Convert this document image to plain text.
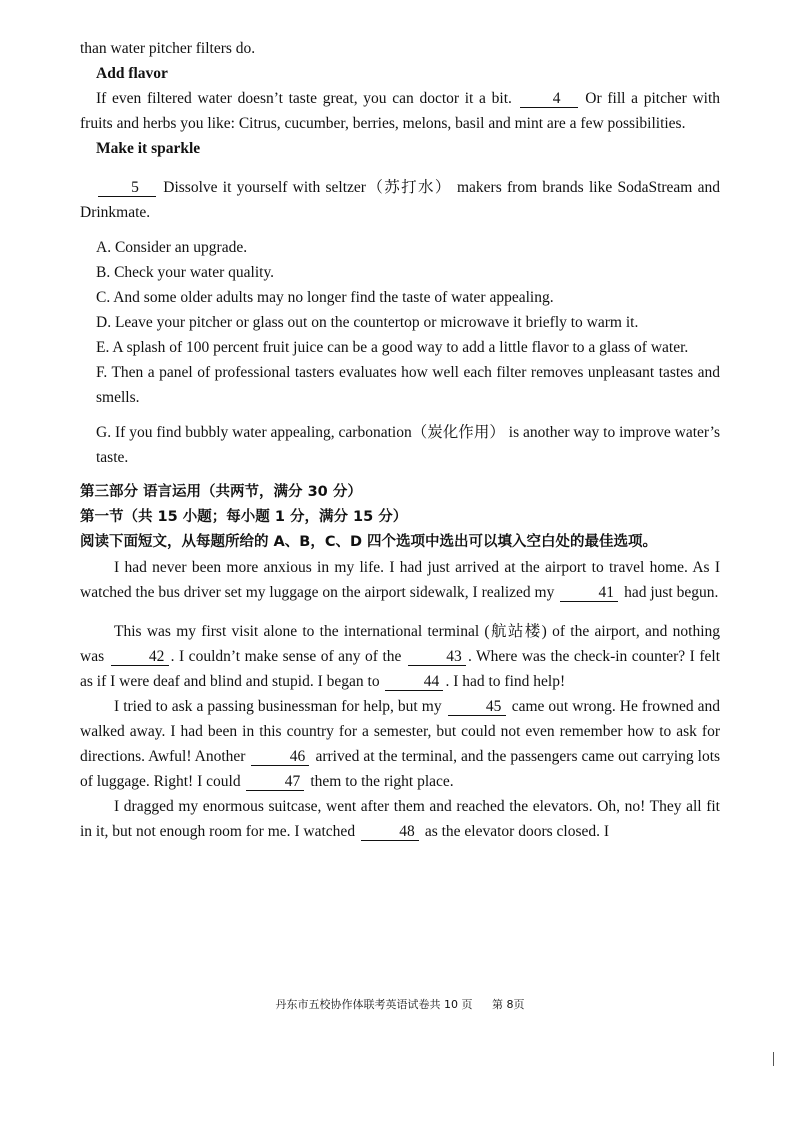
than water pitcher filters do.

Add flavor

If even filtered water doesn’t taste great, you can doctor it a bit.	4 Or fill a pitcher with fruits and herbs you like: Citrus, cucumber, berries, melons, basil and mint are a few possibilities.

Make it sparkle

5 Dissolve it yourself with seltzer（苏打水） makers from brands like SodaStream and Drinkmate.

A. Consider an upgrade.

B. Check your water quality.

C. And some older adults may no longer find the taste of water appealing.

D. Leave your pitcher or glass out on the countertop or microwave it briefly to warm it.

E. A splash of 100 percent fruit juice can be a good way to add a little flavor to a glass of water.

F. Then a panel of professional tasters evaluates how well each filter removes unpleasant tastes and smells.

G. If you find bubbly water appealing, carbonation（炭化作用） is another way to improve water’s taste.

第三部分 语言运用（共两节，满分 30 分）

第一节（共 15 小题；每小题 1 分，满分 15 分）

阅读下面短文，从每题所给的 A、B，C、D 四个选项中选出可以填入空白处的最佳选项。

I had never been more anxious in my life. I had just arrived at the airport to travel home. As I watched the bus driver set my luggage on the airport sidewalk, I realized my	41 had just begun.

This was my first visit alone to the international terminal (航站楼) of the airport, and nothing was	42 . I couldn’t make sense of any of the	43 . Where was the check-in counter? I felt as if I were deaf and blind and stupid. I began to	44 . I had to find help!

I tried to ask a passing businessman for help, but my	45 came out wrong. He frowned and walked away. I had been in this country for a semester, but could not even remember how to ask for directions. Awful! Another	46 arrived at the terminal, and the passengers came out carrying lots of luggage. Right! I could	47 them to the right place.

I dragged my enormous suitcase, went after them and reached the elevators. Oh, no! They all fit in it, but not enough room for me. I watched	48 as the elevator doors closed. I

丹东市五校协作体联考英语试卷共 10 页 第 8页
